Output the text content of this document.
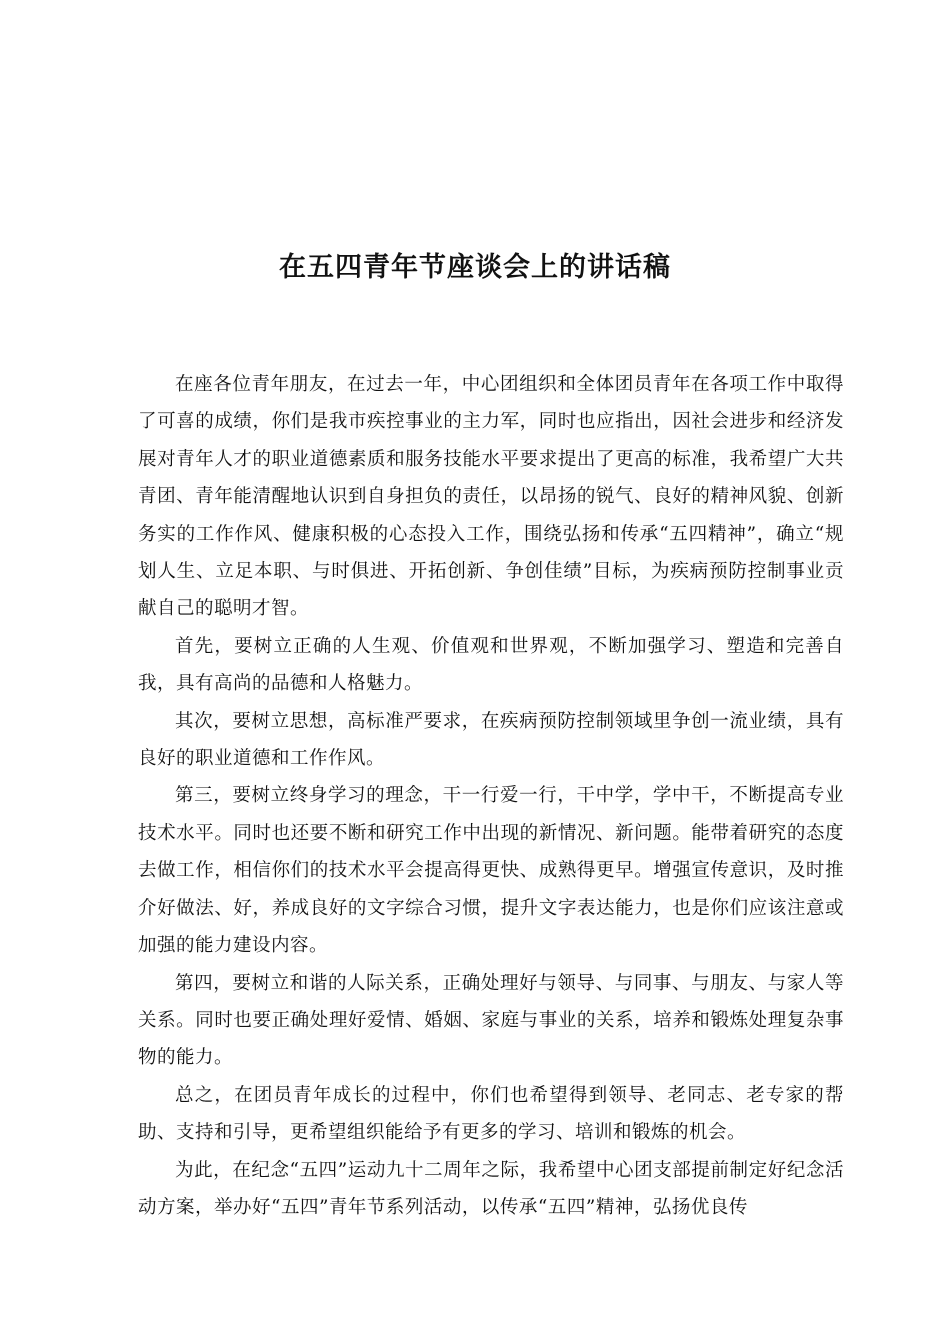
在五四青年节座谈会上的讲话稿

在座各位青年朋友，在过去一年，中心团组织和全体团员青年在各项工作中取得了可喜的成绩，你们是我市疾控事业的主力军，同时也应指出，因社会进步和经济发展对青年人才的职业道德素质和服务技能水平要求提出了更高的标准，我希望广大共青团、青年能清醒地认识到自身担负的责任，以昂扬的锐气、良好的精神风貌、创新务实的工作作风、健康积极的心态投入工作，围绕弘扬和传承“五四精神”，确立“规划人生、立足本职、与时俱进、开拓创新、争创佳绩”目标，为疾病预防控制事业贡献自己的聪明才智。

首先，要树立正确的人生观、价值观和世界观，不断加强学习、塑造和完善自我，具有高尚的品德和人格魅力。

其次，要树立思想，高标准严要求，在疾病预防控制领域里争创一流业绩，具有良好的职业道德和工作作风。

第三，要树立终身学习的理念，干一行爱一行，干中学，学中干，不断提高专业技术水平。同时也还要不断和研究工作中出现的新情况、新问题。能带着研究的态度去做工作，相信你们的技术水平会提高得更快、成熟得更早。增强宣传意识，及时推介好做法、好，养成良好的文字综合习惯，提升文字表达能力，也是你们应该注意或加强的能力建设内容。

第四，要树立和谐的人际关系，正确处理好与领导、与同事、与朋友、与家人等关系。同时也要正确处理好爱情、婚姻、家庭与事业的关系，培养和锻炼处理复杂事物的能力。

总之，在团员青年成长的过程中，你们也希望得到领导、老同志、老专家的帮助、支持和引导，更希望组织能给予有更多的学习、培训和锻炼的机会。

为此，在纪念“五四”运动九十二周年之际，我希望中心团支部提前制定好纪念活动方案，举办好“五四”青年节系列活动，以传承“五四”精神，弘扬优良传
